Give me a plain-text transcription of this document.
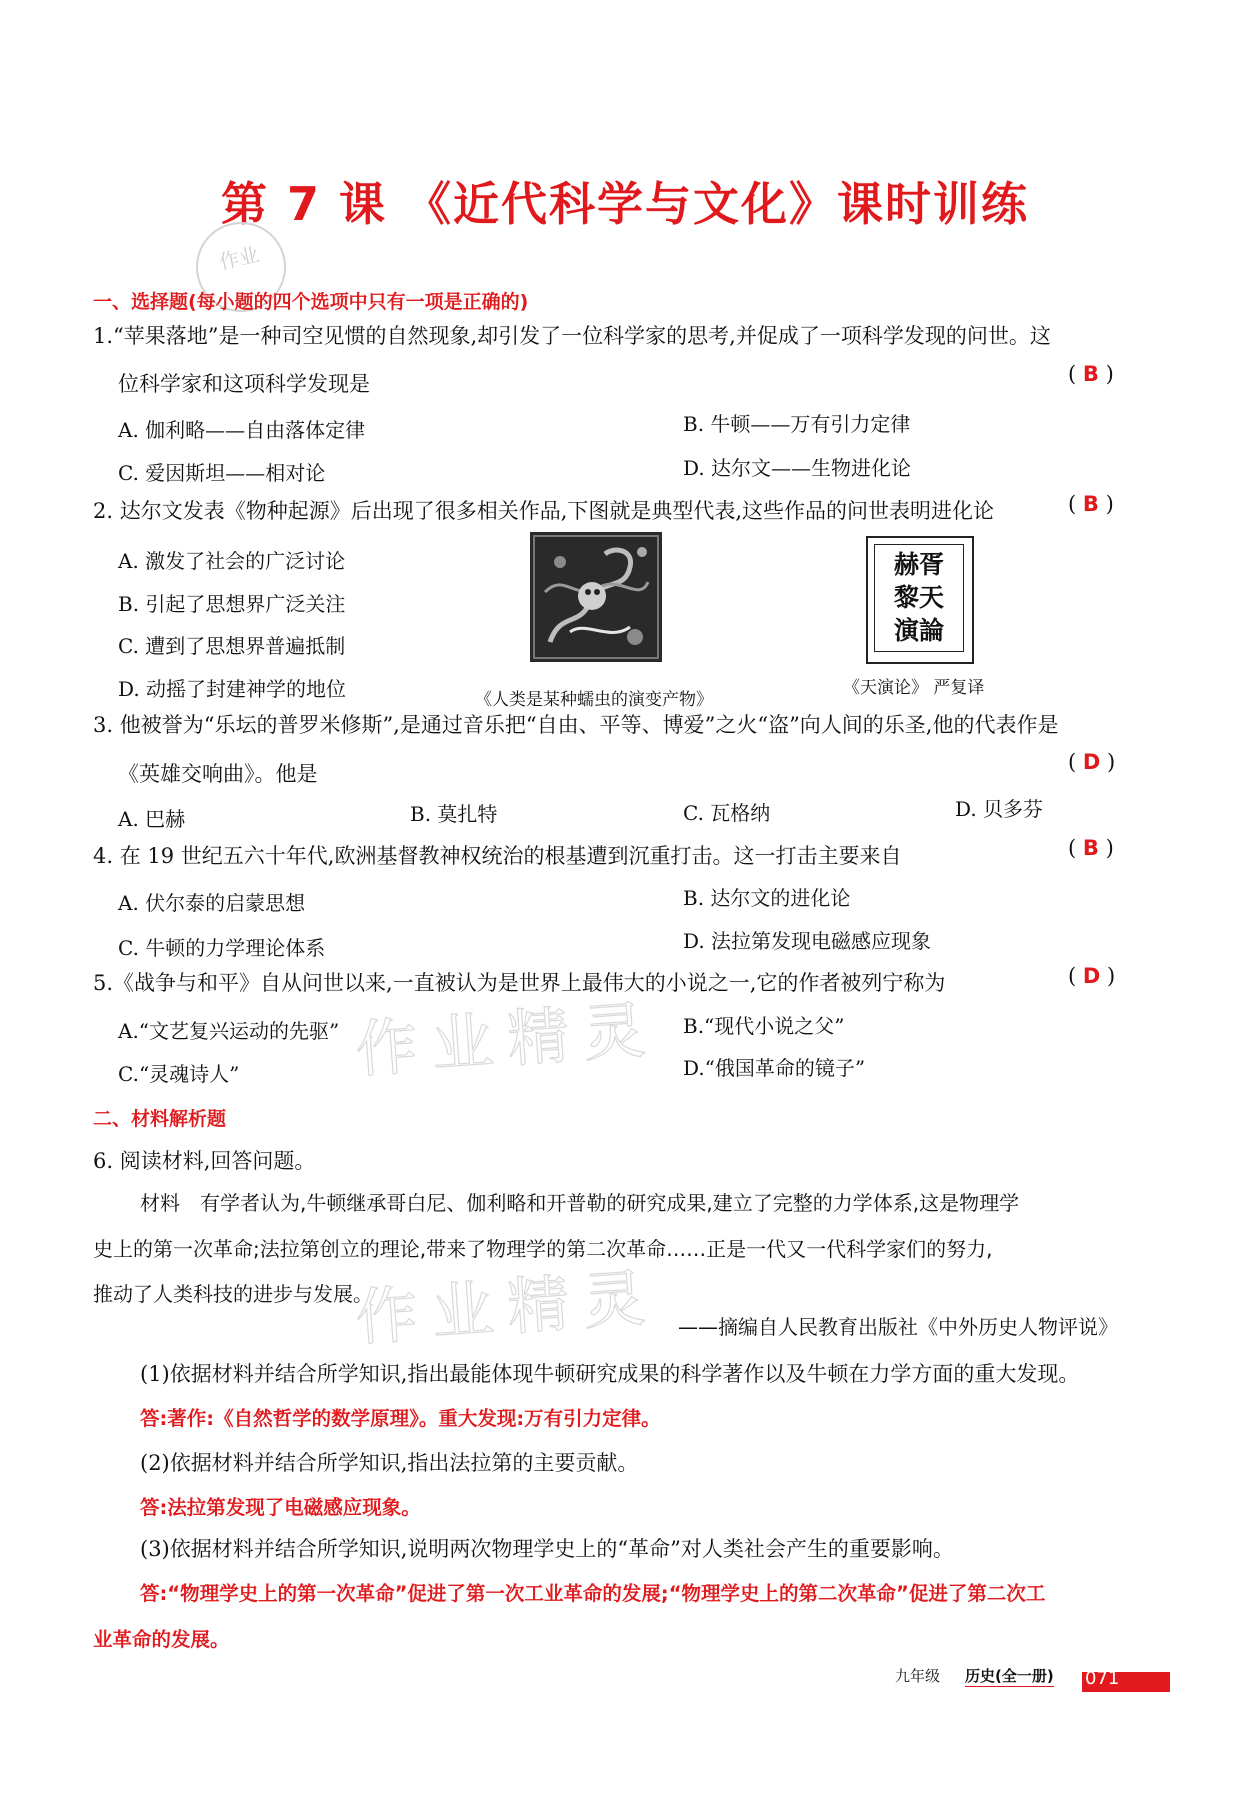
第 7 课 《近代科学与文化》课时训练
作业
一、选择题(每小题的四个选项中只有一项是正确的)
1.“苹果落地”是一种司空见惯的自然现象,却引发了一位科学家的思考,并促成了一项科学发现的问世。这
位科学家和这项科学发现是	( B )
A. 伽利略——自由落体定律	B. 牛顿——万有引力定律
C. 爱因斯坦——相对论	D. 达尔文——生物进化论
2. 达尔文发表《物种起源》后出现了很多相关作品,下图就是典型代表,这些作品的问世表明进化论	( B )
A. 激发了社会的广泛讨论
B. 引起了思想界广泛关注
C. 遭到了思想界普遍抵制
D. 动摇了封建神学的地位	《人类是某种蠕虫的演变产物》
赫胥黎天演論
《天演论》 严复译
3. 他被誉为“乐坛的普罗米修斯”,是通过音乐把“自由、平等、博爱”之火“盗”向人间的乐圣,他的代表作是
《英雄交响曲》。他是	( D )
A. 巴赫	B. 莫扎特	C. 瓦格纳	D. 贝多芬
4. 在 19 世纪五六十年代,欧洲基督教神权统治的根基遭到沉重打击。这一打击主要来自	( B )
A. 伏尔泰的启蒙思想	B. 达尔文的进化论
C. 牛顿的力学理论体系	D. 法拉第发现电磁感应现象
5.《战争与和平》自从问世以来,一直被认为是世界上最伟大的小说之一,它的作者被列宁称为	( D )
A.“文艺复兴运动的先驱”	B.“现代小说之父”
C.“灵魂诗人”	D.“俄国革命的镜子”
作业精灵
作业精灵
二、材料解析题
6. 阅读材料,回答问题。
材料　有学者认为,牛顿继承哥白尼、伽利略和开普勒的研究成果,建立了完整的力学体系,这是物理学
史上的第一次革命;法拉第创立的理论,带来了物理学的第二次革命……正是一代又一代科学家们的努力,
推动了人类科技的进步与发展。
——摘编自人民教育出版社《中外历史人物评说》
(1)依据材料并结合所学知识,指出最能体现牛顿研究成果的科学著作以及牛顿在力学方面的重大发现。
答:著作:《自然哲学的数学原理》。重大发现:万有引力定律。
(2)依据材料并结合所学知识,指出法拉第的主要贡献。
答:法拉第发现了电磁感应现象。
(3)依据材料并结合所学知识,说明两次物理学史上的“革命”对人类社会产生的重要影响。
答:“物理学史上的第一次革命”促进了第一次工业革命的发展;“物理学史上的第二次革命”促进了第二次工
业革命的发展。
九年级 历史(全一册) 071
